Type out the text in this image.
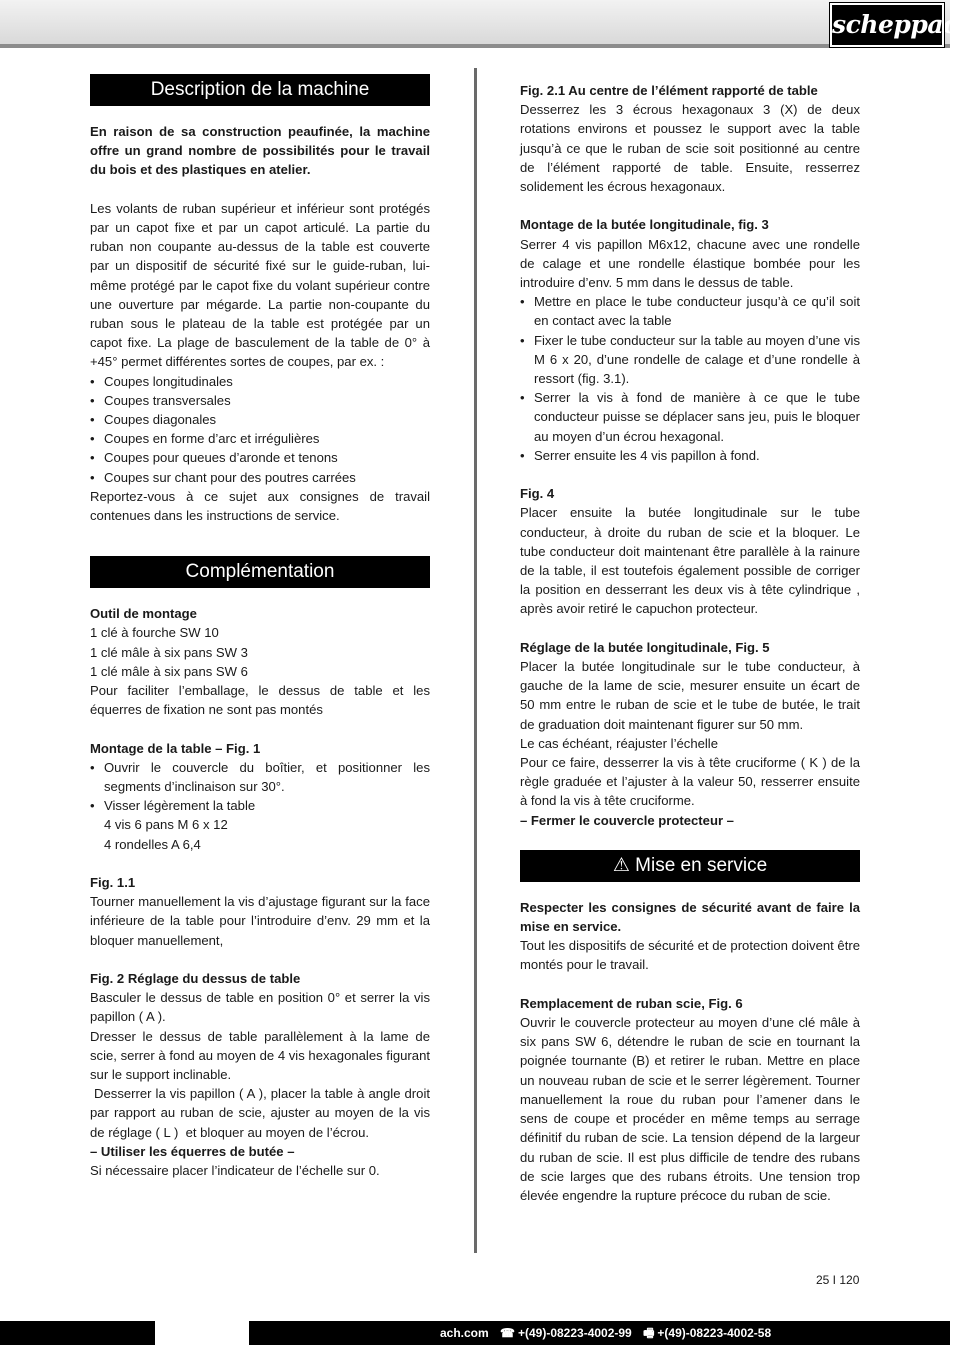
scheppach
Description de la machine
En raison de sa construction peaufinée, la machine offre un grand nombre de possibilités pour le travail du bois et des plastiques en atelier.
Les volants de ruban supérieur et inférieur sont protégés par un capot fixe et par un capot articulé. La partie du ruban non coupante au-dessus de la table est couverte par un dispositif de sécurité fixé sur le guide-ruban, lui-même protégé par le capot fixe du volant supérieur contre une ouverture par mégarde. La partie non-coupante du ruban sous le plateau de la table est protégée par un capot fixe. La plage de basculement de la table de 0° à +45° permet différentes sortes de coupes, par ex. :
• Coupes longitudinales
• Coupes transversales
• Coupes diagonales
• Coupes en forme d’arc et irrégulières
• Coupes pour queues d’aronde et tenons
• Coupes sur chant pour des poutres carrées
Reportez-vous à ce sujet aux consignes de travail contenues dans les instructions de service.
Complémentation
Outil de montage
1 clé à fourche SW 10
1 clé mâle à six pans SW 3
1 clé mâle à six pans SW 6
Pour faciliter l’emballage, le dessus de table et les équerres de fixation ne sont pas montés
Montage de la table – Fig. 1
• Ouvrir le couvercle du boîtier, et positionner les segments d’inclinaison sur 30°.
• Visser légèrement la table
4 vis 6 pans M 6 x 12
4 rondelles A 6,4
Fig. 1.1
Tourner manuellement la vis d’ajustage figurant sur la face inférieure de la table pour l’introduire d’env. 29 mm et la bloquer manuellement,
Fig. 2 Réglage du dessus de table
Basculer le dessus de table en position 0° et serrer la vis papillon ( A ).
Dresser le dessus de table parallèlement à la lame de scie, serrer à fond au moyen de 4 vis hexagonales figurant sur le support inclinable.
Desserrer la vis papillon ( A ), placer la table à angle droit par rapport au ruban de scie, ajuster au moyen de la vis de réglage ( L )  et bloquer au moyen de l’écrou.
– Utiliser les équerres de butée –
Si nécessaire placer l’indicateur de l’échelle sur 0.
Fig. 2.1 Au centre de l’élément rapporté de table
Desserrez les 3 écrous hexagonaux 3 (X) de deux rotations environs et poussez le support avec la table jusqu’à ce que le ruban de scie soit positionné au centre de l’élément rapporté de table. Ensuite, resserrez solidement les écrous hexagonaux.
Montage de la butée longitudinale, fig. 3
Serrer 4 vis papillon M6x12, chacune avec une rondelle de calage et une rondelle élastique bombée pour les introduire d’env. 5 mm dans le dessus de table.
• Mettre en place le tube conducteur jusqu’à ce qu’il soit en contact avec la table
• Fixer le tube conducteur sur la table au moyen d’une vis M 6 x 20, d’une rondelle de calage et d’une rondelle à ressort (fig. 3.1).
• Serrer la vis à fond de manière à ce que le tube conducteur puisse se déplacer sans jeu, puis le bloquer au moyen d’un écrou hexagonal.
• Serrer ensuite les 4 vis papillon à fond.
Fig. 4
Placer ensuite la butée longitudinale sur le tube conducteur, à droite du ruban de scie et la bloquer. Le tube conducteur doit maintenant être parallèle à la rainure de la table, il est toutefois également possible de corriger la position en desserrant les deux vis à tête cylindrique , après avoir retiré le capuchon protecteur.
Réglage de la butée longitudinale, Fig. 5
Placer la butée longitudinale sur le tube conducteur, à gauche de la lame de scie, mesurer ensuite un écart de 50 mm entre le ruban de scie et le tube de butée, le trait de graduation doit maintenant figurer sur 50 mm.
Le cas échéant, réajuster l’échelle
Pour ce faire, desserrer la vis à tête cruciforme ( K ) de la règle graduée et l’ajuster à la valeur 50, resserrer ensuite à fond la vis à tête cruciforme.
– Fermer le couvercle protecteur –
⚠ Mise en service
Respecter les consignes de sécurité avant de faire la mise en service.
Tout les dispositifs de sécurité et de protection doivent être montés pour le travail.
Remplacement de ruban scie, Fig. 6
Ouvrir le couvercle protecteur au moyen d’une clé mâle à six pans SW 6, détendre le ruban de scie en tournant la poignée tournante (B) et retirer le ruban. Mettre en place un nouveau ruban de scie et le serrer légèrement. Tourner manuellement la roue du ruban pour l’amener dans le sens de coupe et procéder en même temps au serrage définitif du ruban de scie. La tension dépend de la largeur du ruban de scie. Il est plus difficile de tendre des rubans de scie larges que des rubans étroits. Une tension trop élevée engendre la rupture précoce du ruban de scie.
25 I 120
ach.com ☎ +(49)-08223-4002-99 🖷 +(49)-08223-4002-58
